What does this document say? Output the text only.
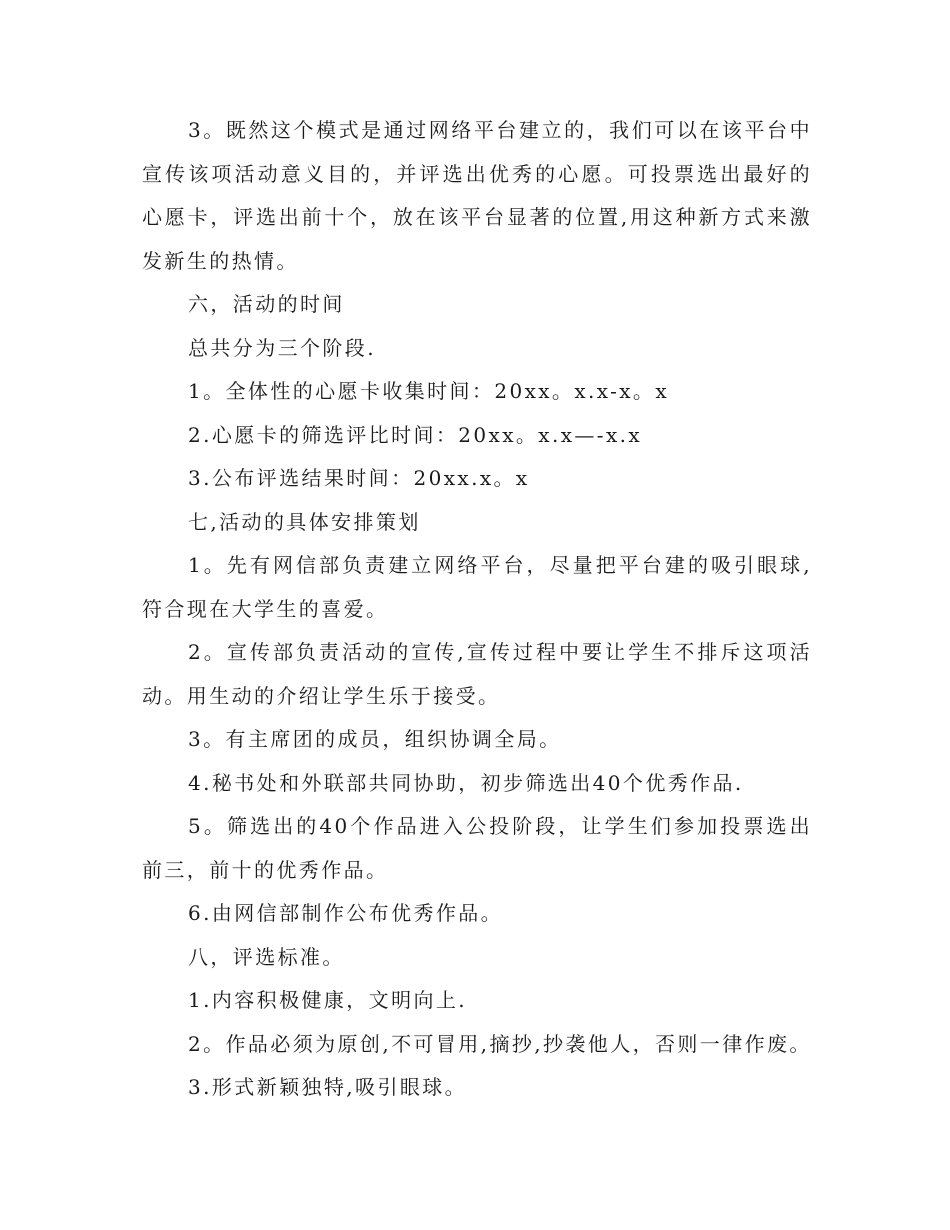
3。既然这个模式是通过网络平台建立的，我们可以在该平台中宣传该项活动意义目的，并评选出优秀的心愿。可投票选出最好的心愿卡，评选出前十个，放在该平台显著的位置,用这种新方式来激发新生的热情。

六，活动的时间

总共分为三个阶段.

1。全体性的心愿卡收集时间：20xx。x.x-x。x

2.心愿卡的筛选评比时间：20xx。x.x—-x.x

3.公布评选结果时间：20xx.x。x

七,活动的具体安排策划

1。先有网信部负责建立网络平台，尽量把平台建的吸引眼球,符合现在大学生的喜爱。

2。宣传部负责活动的宣传,宣传过程中要让学生不排斥这项活动。用生动的介绍让学生乐于接受。

3。有主席团的成员，组织协调全局。

4.秘书处和外联部共同协助，初步筛选出40个优秀作品.

5。筛选出的40个作品进入公投阶段，让学生们参加投票选出前三，前十的优秀作品。

6.由网信部制作公布优秀作品。

八，评选标准。

1.内容积极健康，文明向上.

2。作品必须为原创,不可冒用,摘抄,抄袭他人，否则一律作废。

3.形式新颖独特,吸引眼球。
